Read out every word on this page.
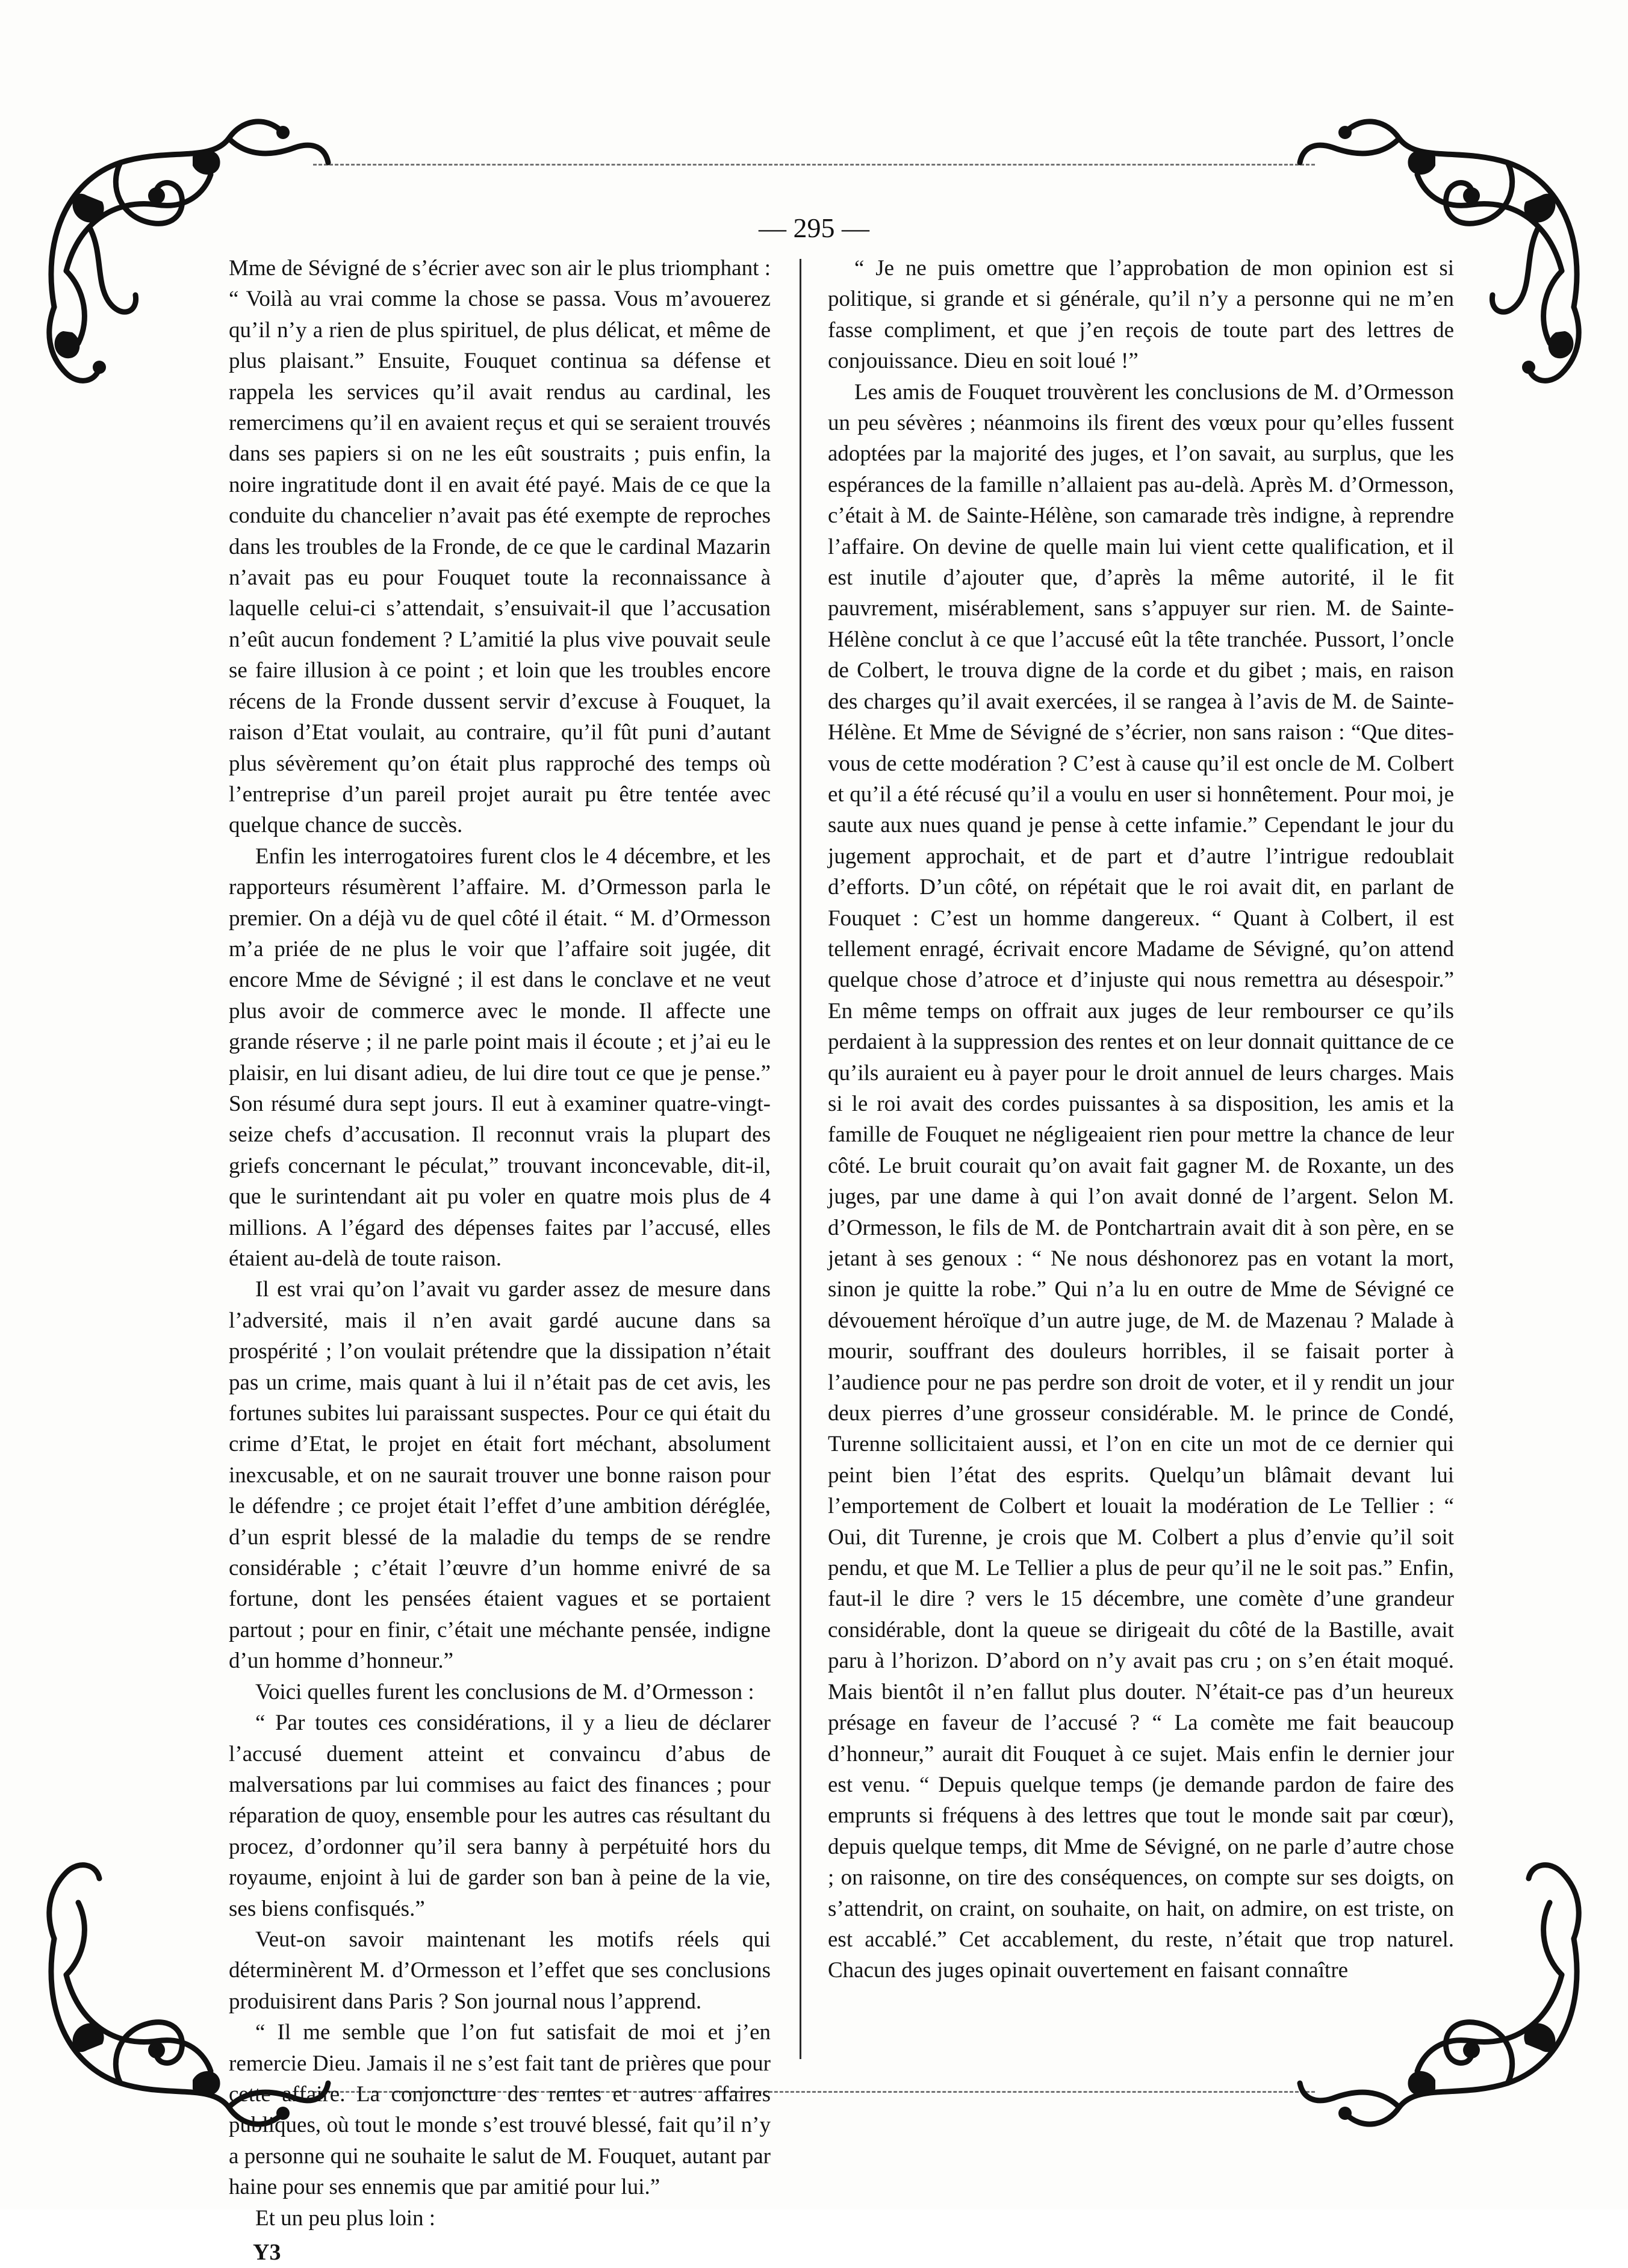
— 295 —

Mme de Sévigné de s’écrier avec son air le plus triomphant : “ Voilà au vrai comme la chose se passa. Vous m’avouerez qu’il n’y a rien de plus spirituel, de plus délicat, et même de plus plaisant.” Ensuite, Fouquet continua sa défense et rappela les services qu’il avait rendus au cardinal, les remercimens qu’il en avaient reçus et qui se seraient trouvés dans ses papiers si on ne les eût soustraits ; puis enfin, la noire ingratitude dont il en avait été payé. Mais de ce que la conduite du chancelier n’avait pas été exempte de reproches dans les troubles de la Fronde, de ce que le cardinal Mazarin n’avait pas eu pour Fouquet toute la reconnaissance à laquelle celui-ci s’attendait, s’ensuivait-il que l’accusation n’eût aucun fondement ? L’amitié la plus vive pouvait seule se faire illusion à ce point ; et loin que les troubles encore récens de la Fronde dussent servir d’excuse à Fouquet, la raison d’Etat voulait, au contraire, qu’il fût puni d’autant plus sévèrement qu’on était plus rapproché des temps où l’entreprise d’un pareil projet aurait pu être tentée avec quelque chance de succès.

Enfin les interrogatoires furent clos le 4 décembre, et les rapporteurs résumèrent l’affaire. M. d’Ormesson parla le premier. On a déjà vu de quel côté il était. “ M. d’Ormesson m’a priée de ne plus le voir que l’affaire soit jugée, dit encore Mme de Sévigné ; il est dans le conclave et ne veut plus avoir de commerce avec le monde. Il affecte une grande réserve ; il ne parle point mais il écoute ; et j’ai eu le plaisir, en lui disant adieu, de lui dire tout ce que je pense.” Son résumé dura sept jours. Il eut à examiner quatre-vingt-seize chefs d’accusation. Il reconnut vrais la plupart des griefs concernant le péculat,” trouvant inconcevable, dit-il, que le surintendant ait pu voler en quatre mois plus de 4 millions. A l’égard des dépenses faites par l’accusé, elles étaient au-delà de toute raison.

Il est vrai qu’on l’avait vu garder assez de mesure dans l’adversité, mais il n’en avait gardé aucune dans sa prospérité ; l’on voulait prétendre que la dissipation n’était pas un crime, mais quant à lui il n’était pas de cet avis, les fortunes subites lui paraissant suspectes. Pour ce qui était du crime d’Etat, le projet en était fort méchant, absolument inexcusable, et on ne saurait trouver une bonne raison pour le défendre ; ce projet était l’effet d’une ambition déréglée, d’un esprit blessé de la maladie du temps de se rendre considérable ; c’était l’œuvre d’un homme enivré de sa fortune, dont les pensées étaient vagues et se portaient partout ; pour en finir, c’était une méchante pensée, indigne d’un homme d’honneur.”

Voici quelles furent les conclusions de M. d’Ormesson :

“ Par toutes ces considérations, il y a lieu de déclarer l’accusé duement atteint et convaincu d’abus de malversations par lui commises au faict des finances ; pour réparation de quoy, ensemble pour les autres cas résultant du procez, d’ordonner qu’il sera banny à perpétuité hors du royaume, enjoint à lui de garder son ban à peine de la vie, ses biens confisqués.”

Veut-on savoir maintenant les motifs réels qui déterminèrent M. d’Ormesson et l’effet que ses conclusions produisirent dans Paris ? Son journal nous l’apprend.

“ Il me semble que l’on fut satisfait de moi et j’en remercie Dieu. Jamais il ne s’est fait tant de prières que pour cette affaire. La conjoncture des rentes et autres affaires publiques, où tout le monde s’est trouvé blessé, fait qu’il n’y a personne qui ne souhaite le salut de M. Fouquet, autant par haine pour ses ennemis que par amitié pour lui.”

Et un peu plus loin :

Y3

“ Je ne puis omettre que l’approbation de mon opinion est si politique, si grande et si générale, qu’il n’y a personne qui ne m’en fasse compliment, et que j’en reçois de toute part des lettres de conjouissance. Dieu en soit loué !”

Les amis de Fouquet trouvèrent les conclusions de M. d’Ormesson un peu sévères ; néanmoins ils firent des vœux pour qu’elles fussent adoptées par la majorité des juges, et l’on savait, au surplus, que les espérances de la famille n’allaient pas au-delà. Après M. d’Ormesson, c’était à M. de Sainte-Hélène, son camarade très indigne, à reprendre l’affaire. On devine de quelle main lui vient cette qualification, et il est inutile d’ajouter que, d’après la même autorité, il le fit pauvrement, misérablement, sans s’appuyer sur rien. M. de Sainte-Hélène conclut à ce que l’accusé eût la tête tranchée. Pussort, l’oncle de Colbert, le trouva digne de la corde et du gibet ; mais, en raison des charges qu’il avait exercées, il se rangea à l’avis de M. de Sainte-Hélène. Et Mme de Sévigné de s’écrier, non sans raison : “Que dites-vous de cette modération ? C’est à cause qu’il est oncle de M. Colbert et qu’il a été récusé qu’il a voulu en user si honnêtement. Pour moi, je saute aux nues quand je pense à cette infamie.” Cependant le jour du jugement approchait, et de part et d’autre l’intrigue redoublait d’efforts. D’un côté, on répétait que le roi avait dit, en parlant de Fouquet : C’est un homme dangereux. “ Quant à Colbert, il est tellement enragé, écrivait encore Madame de Sévigné, qu’on attend quelque chose d’atroce et d’injuste qui nous remettra au désespoir.” En même temps on offrait aux juges de leur rembourser ce qu’ils perdaient à la suppression des rentes et on leur donnait quittance de ce qu’ils auraient eu à payer pour le droit annuel de leurs charges. Mais si le roi avait des cordes puissantes à sa disposition, les amis et la famille de Fouquet ne négligeaient rien pour mettre la chance de leur côté. Le bruit courait qu’on avait fait gagner M. de Roxante, un des juges, par une dame à qui l’on avait donné de l’argent. Selon M. d’Ormesson, le fils de M. de Pontchartrain avait dit à son père, en se jetant à ses genoux : “ Ne nous déshonorez pas en votant la mort, sinon je quitte la robe.” Qui n’a lu en outre de Mme de Sévigné ce dévouement héroïque d’un autre juge, de M. de Mazenau ? Malade à mourir, souffrant des douleurs horribles, il se faisait porter à l’audience pour ne pas perdre son droit de voter, et il y rendit un jour deux pierres d’une grosseur considérable. M. le prince de Condé, Turenne sollicitaient aussi, et l’on en cite un mot de ce dernier qui peint bien l’état des esprits. Quelqu’un blâmait devant lui l’emportement de Colbert et louait la modération de Le Tellier : “ Oui, dit Turenne, je crois que M. Colbert a plus d’envie qu’il soit pendu, et que M. Le Tellier a plus de peur qu’il ne le soit pas.” Enfin, faut-il le dire ? vers le 15 décembre, une comète d’une grandeur considérable, dont la queue se dirigeait du côté de la Bastille, avait paru à l’horizon. D’abord on n’y avait pas cru ; on s’en était moqué. Mais bientôt il n’en fallut plus douter. N’était-ce pas d’un heureux présage en faveur de l’accusé ? “ La comète me fait beaucoup d’honneur,” aurait dit Fouquet à ce sujet. Mais enfin le dernier jour est venu. “ Depuis quelque temps (je demande pardon de faire des emprunts si fréquens à des lettres que tout le monde sait par cœur), depuis quelque temps, dit Mme de Sévigné, on ne parle d’autre chose ; on raisonne, on tire des conséquences, on compte sur ses doigts, on s’attendrit, on craint, on souhaite, on hait, on admire, on est triste, on est accablé.” Cet accablement, du reste, n’était que trop naturel. Chacun des juges opinait ouvertement en faisant connaître
